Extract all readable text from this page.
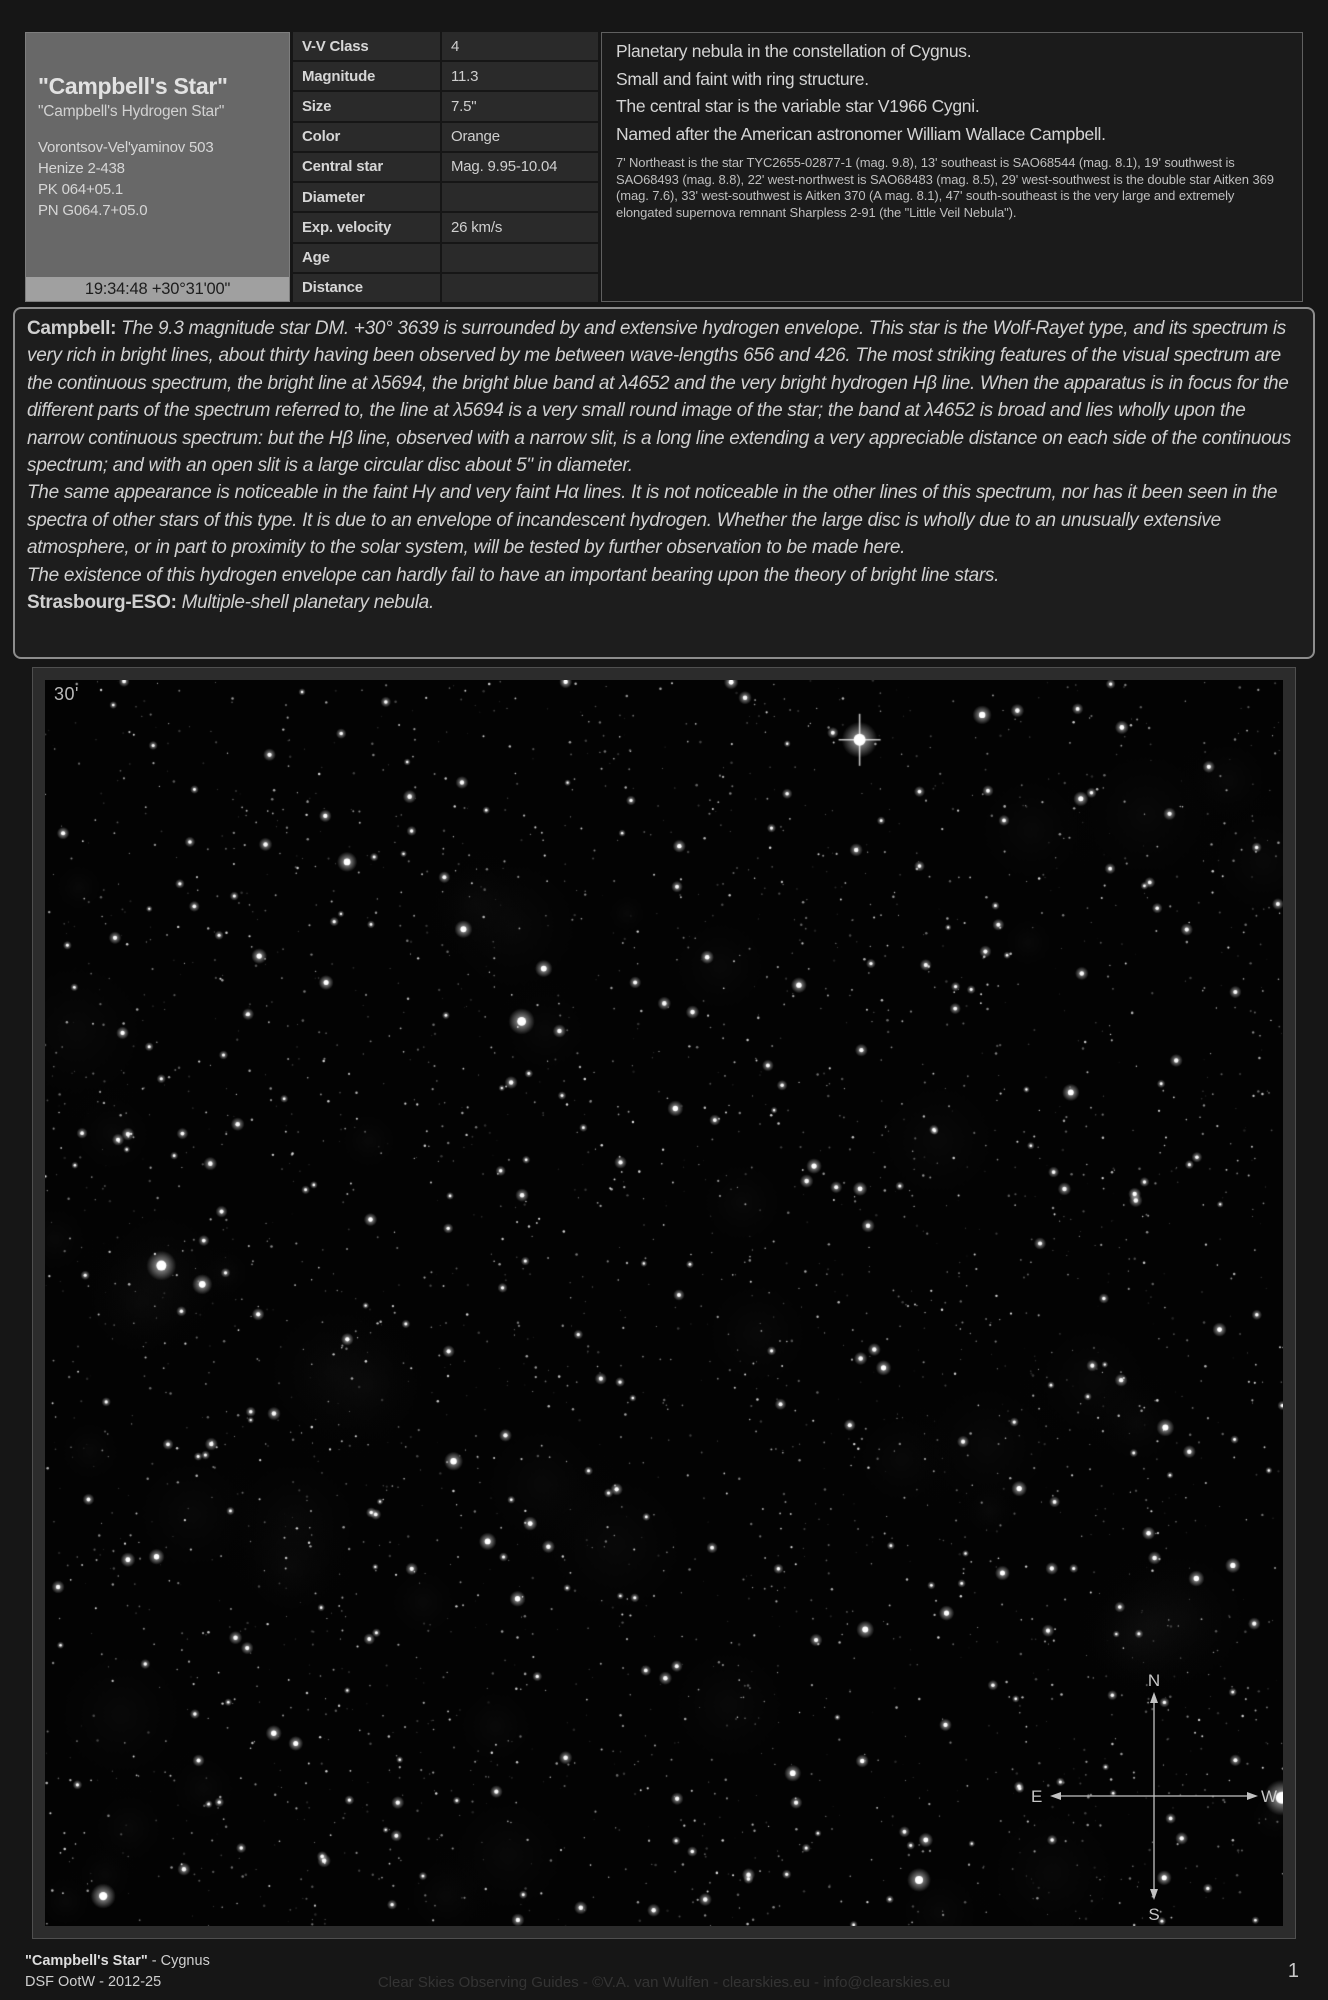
"Campbell's Star"
"Campbell's Hydrogen Star"
Vorontsov-Vel'yaminov 503
Henize 2-438
PK 064+05.1
PN G064.7+05.0
19:34:48 +30°31'00"
V-V Class	4
Magnitude	11.3
Size	7.5"
Color	Orange
Central star	Mag. 9.95-10.04
Diameter
Exp. velocity	26 km/s
Age
Distance
Planetary nebula in the constellation of Cygnus.
Small and faint with ring structure.
The central star is the variable star V1966 Cygni.
Named after the American astronomer William Wallace Campbell.
7' Northeast is the star TYC2655-02877-1 (mag. 9.8), 13' southeast is SAO68544 (mag. 8.1), 19' southwest is SAO68493 (mag. 8.8), 22' west-northwest is SAO68483 (mag. 8.5), 29' west-southwest is the double star Aitken 369 (mag. 7.6), 33' west-southwest is Aitken 370 (A mag. 8.1), 47' south-southeast is the very large and extremely elongated supernova remnant Sharpless 2-91 (the "Little Veil Nebula").
Campbell: The 9.3 magnitude star DM. +30° 3639 is surrounded by and extensive hydrogen envelope. This star is the Wolf-Rayet type, and its spectrum is very rich in bright lines, about thirty having been observed by me between wave-lengths 656 and 426. The most striking features of the visual spectrum are the continuous spectrum, the bright line at λ5694, the bright blue band at λ4652 and the very bright hydrogen Hβ line. When the apparatus is in focus for the different parts of the spectrum referred to, the line at λ5694 is a very small round image of the star; the band at λ4652 is broad and lies wholly upon the narrow continuous spectrum: but the Hβ line, observed with a narrow slit, is a long line extending a very appreciable distance on each side of the continuous spectrum; and with an open slit is a large circular disc about 5" in diameter.
The same appearance is noticeable in the faint Hγ and very faint Hα lines. It is not noticeable in the other lines of this spectrum, nor has it been seen in the spectra of other stars of this type. It is due to an envelope of incandescent hydrogen. Whether the large disc is wholly due to an unusually extensive atmosphere, or in part to proximity to the solar system, will be tested by further observation to be made here.
The existence of this hydrogen envelope can hardly fail to have an important bearing upon the theory of bright line stars.
Strasbourg-ESO: Multiple-shell planetary nebula.
30'
N
S
E	W
"Campbell's Star" - Cygnus
DSF OotW - 2012-25	Clear Skies Observing Guides - ©V.A. van Wulfen - clearskies.eu - info@clearskies.eu
1
